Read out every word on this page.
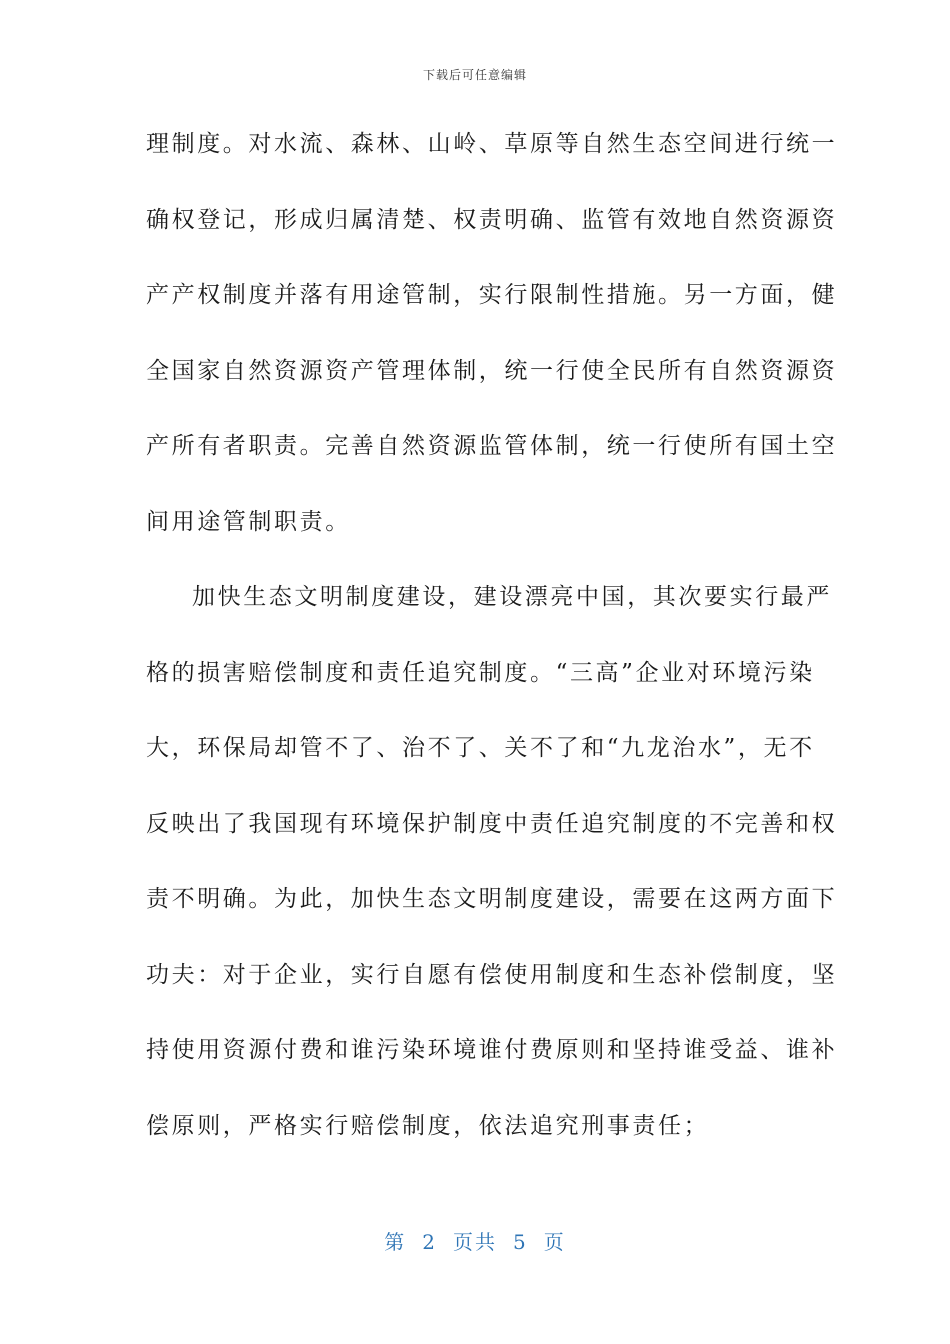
下载后可任意编辑
理制度。对水流、森林、山岭、草原等自然生态空间进行统一
确权登记，形成归属清楚、权责明确、监管有效地自然资源资
产产权制度并落有用途管制，实行限制性措施。另一方面，健
全国家自然资源资产管理体制，统一行使全民所有自然资源资
产所有者职责。完善自然资源监管体制，统一行使所有国土空
间用途管制职责。
加快生态文明制度建设，建设漂亮中国，其次要实行最严
格的损害赔偿制度和责任追究制度。“三高”企业对环境污染
大，环保局却管不了、治不了、关不了和“九龙治水”，无不
反映出了我国现有环境保护制度中责任追究制度的不完善和权
责不明确。为此，加快生态文明制度建设，需要在这两方面下
功夫：对于企业，实行自愿有偿使用制度和生态补偿制度，坚
持使用资源付费和谁污染环境谁付费原则和坚持谁受益、谁补
偿原则，严格实行赔偿制度，依法追究刑事责任；
第 2 页共 5 页
